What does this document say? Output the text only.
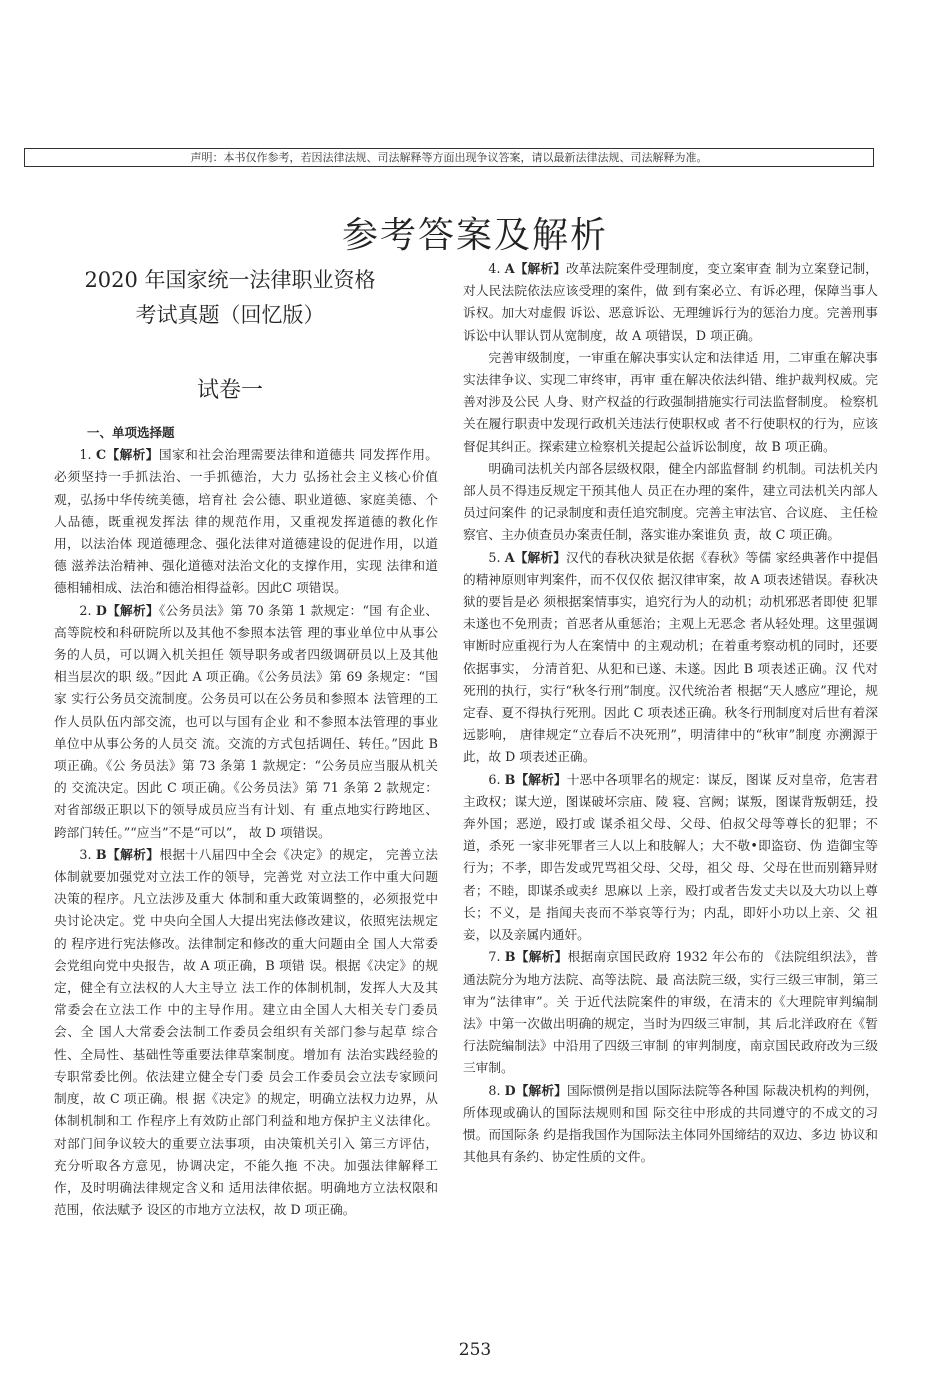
声明：本书仅作参考，若因法律法规、司法解释等方面出现争议答案，请以最新法律法规、司法解释为准。
参考答案及解析
2020 年国家统一法律职业资格
考试真题（回忆版）
试卷一

一、单项选择题

1. C【解析】国家和社会治理需要法律和道德共 同发挥作用。必须坚持一手抓法治、一手抓德治，大力 弘扬社会主义核心价值观，弘扬中华传统美德，培育社 会公德、职业道德、家庭美德、个人品德，既重视发挥法 律的规范作用，又重视发挥道德的教化作用，以法治体 现道德理念、强化法律对道德建设的促进作用，以道德 滋养法治精神、强化道德对法治文化的支撑作用，实现 法律和道德相辅相成、法治和德治相得益彰。因此C 项错误。

2. D【解析】《公务员法》第 70 条第 1 款规定：“国 有企业、高等院校和科研院所以及其他不参照本法管 理的事业单位中从事公务的人员，可以调入机关担任 领导职务或者四级调研员以上及其他相当层次的职 级。”因此 A 项正确。《公务员法》第 69 条规定：“国家 实行公务员交流制度。公务员可以在公务员和参照本 法管理的工作人员队伍内部交流，也可以与国有企业 和不参照本法管理的事业单位中从事公务的人员交 流。交流的方式包括调任、转任。”因此 B 项正确。《公 务员法》第 73 条第 1 款规定：“公务员应当服从机关的 交流决定。因此 C 项正确。《公务员法》第 71 条第 2 款规定：对省部级正职以下的领导成员应当有计划、有 重点地实行跨地区、跨部门转任。”“应当”不是“可以”， 故 D 项错误。

3. B【解析】根据十八届四中全会《决定》的规定， 完善立法体制就要加强党对立法工作的领导，完善党 对立法工作中重大问题决策的程序。凡立法涉及重大 体制和重大政策调整的，必须报党中央讨论决定。党 中央向全国人大提出宪法修改建议，依照宪法规定的 程序进行宪法修改。法律制定和修改的重大问题由全 国人大常委会党组向党中央报告，故 A 项正确，B 项错 误。根据《决定》的规定，健全有立法权的人大主导立 法工作的体制机制，发挥人大及其常委会在立法工作 中的主导作用。建立由全国人大相关专门委员会、全 国人大常委会法制工作委员会组织有关部门参与起草 综合性、全局性、基础性等重要法律草案制度。增加有 法治实践经验的专职常委比例。依法建立健全专门委 员会工作委员会立法专家顾问制度，故 C 项正确。根 据《决定》的规定，明确立法权力边界，从体制机制和工 作程序上有效防止部门利益和地方保护主义法律化。 对部门间争议较大的重要立法事项，由决策机关引入 第三方评估，充分听取各方意见，协调决定，不能久拖 不决。加强法律解释工作，及时明确法律规定含义和 适用法律依据。明确地方立法权限和范围，依法赋予 设区的市地方立法权，故 D 项正确。

4. A【解析】改革法院案件受理制度，变立案审查 制为立案登记制，对人民法院依法应该受理的案件，做 到有案必立、有诉必理，保障当事人诉权。加大对虚假 诉讼、恶意诉讼、无理缠诉行为的惩治力度。完善刑事 诉讼中认罪认罚从宽制度，故 A 项错误，D 项正确。

完善审级制度，一审重在解决事实认定和法律适 用，二审重在解决事实法律争议、实现二审终审，再审 重在解决依法纠错、维护裁判权威。完善对涉及公民 人身、财产权益的行政强制措施实行司法监督制度。 检察机关在履行职责中发现行政机关违法行使职权或 者不行使职权的行为，应该督促其纠正。探索建立检察机关提起公益诉讼制度，故 B 项正确。

明确司法机关内部各层级权限，健全内部监督制 约机制。司法机关内部人员不得违反规定干预其他人 员正在办理的案件，建立司法机关内部人员过问案件 的记录制度和责任追究制度。完善主审法官、合议庭、 主任检察官、主办侦查员办案责任制，落实谁办案谁负 责，故 C 项正确。

5. A【解析】汉代的春秋决狱是依据《春秋》等儒 家经典著作中提倡的精神原则审判案件，而不仅仅依 据汉律审案，故 A 项表述错误。春秋决狱的要旨是必 须根据案情事实，追究行为人的动机；动机邪恶者即使 犯罪未遂也不免刑责；首恶者从重惩治；主观上无恶念 者从轻处理。这里强调审断时应重视行为人在案情中 的主观动机；在着重考察动机的同时，还要依据事实， 分清首犯、从犯和已遂、未遂。因此 B 项表述正确。汉 代对死刑的执行，实行“秋冬行刑”制度。汉代统治者 根据“天人感应”理论，规定春、夏不得执行死刑。因此 C 项表述正确。秋冬行刑制度对后世有着深远影响， 唐律规定“立春后不决死刑”，明清律中的“秋审”制度 亦溯源于此，故 D 项表述正确。

6. B【解析】十恶中各项罪名的规定：谋反，图谋 反对皇帝，危害君主政权；谋大逆，图谋破坏宗庙、陵 寝、宫阙；谋叛，图谋背叛朝廷，投奔外国；恶逆，殴打或 谋杀祖父母、父母、伯叔父母等尊长的犯罪；不道，杀死 一家非死罪者三人以上和肢解人；大不敬•即盗窃、伪 造御宝等行为；不孝，即告发或咒骂祖父母、父母，祖父 母、父母在世而别籍异财者；不睦，即谋杀或卖纟思麻以 上亲，殴打或者告发丈夫以及大功以上尊长；不义，是 指闻夫丧而不举哀等行为；内乱，即奸小功以上亲、父 祖妾，以及亲属内通奸。

7. B【解析】根据南京国民政府 1932 年公布的 《法院组织法》，普通法院分为地方法院、高等法院、最 高法院三级，实行三级三审制，第三审为“法律审”。关 于近代法院案件的审级，在清末的《大理院审判编制 法》中第一次做出明确的规定，当时为四级三审制，其 后北洋政府在《暂行法院编制法》中沿用了四级三审制 的审判制度，南京国民政府改为三级三审制。

8. D【解析】国际惯例是指以国际法院等各种国 际裁决机构的判例，所体现或确认的国际法规则和国 际交往中形成的共同遵守的不成文的习惯。而国际条 约是指我国作为国际法主体同外国缔结的双边、多边 协议和其他具有条约、协定性质的文件。

253
